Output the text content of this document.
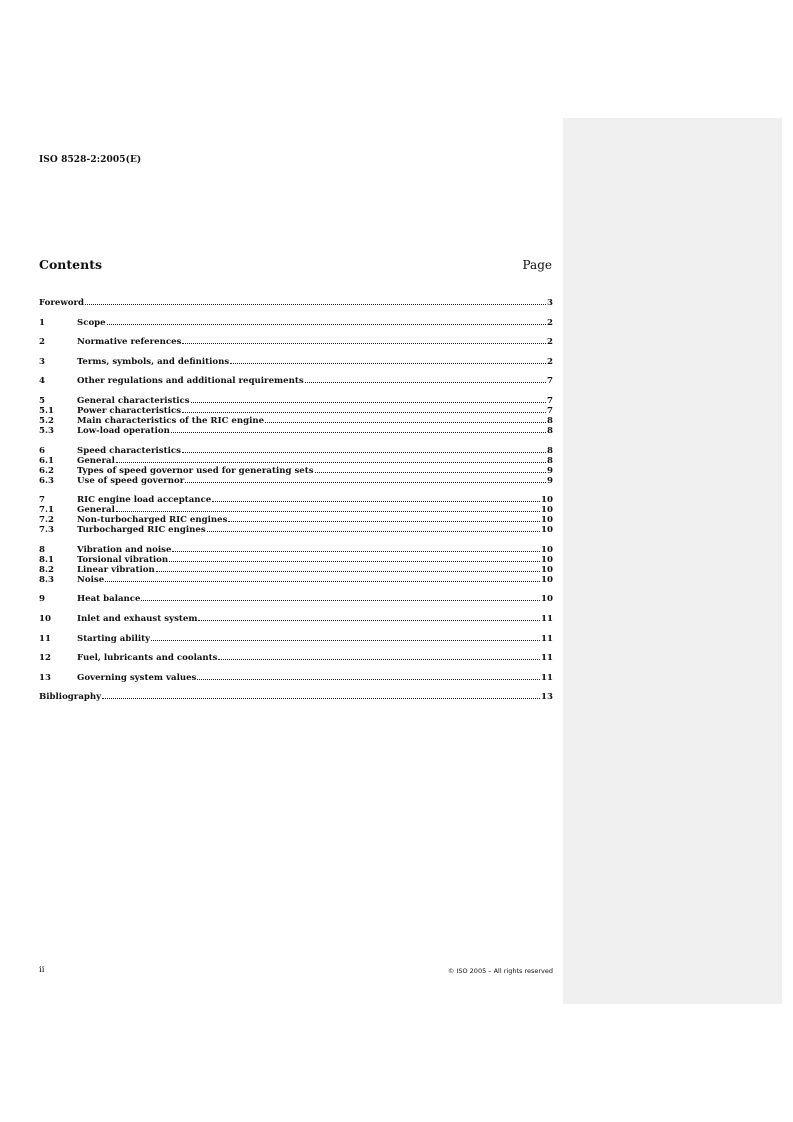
ISO 8528-2:2005(E)
Contents	Page
Foreword	3
1	Scope	2
2	Normative references	2
3	Terms, symbols, and definitions	2
4	Other regulations and additional requirements	7
5	General characteristics	7
5.1	Power characteristics	7
5.2	Main characteristics of the RIC engine	8
5.3	Low-load operation	8
6	Speed characteristics	8
6.1	General	8
6.2	Types of speed governor used for generating sets	9
6.3	Use of speed governor	9
7	RIC engine load acceptance	10
7.1	General	10
7.2	Non-turbocharged RIC engines	10
7.3	Turbocharged RIC engines	10
8	Vibration and noise	10
8.1	Torsional vibration	10
8.2	Linear vibration	10
8.3	Noise	10
9	Heat balance	10
10	Inlet and exhaust system	11
11	Starting ability	11
12	Fuel, lubricants and coolants	11
13	Governing system values	11
Bibliography	13
ii	© ISO 2005 – All rights reserved
